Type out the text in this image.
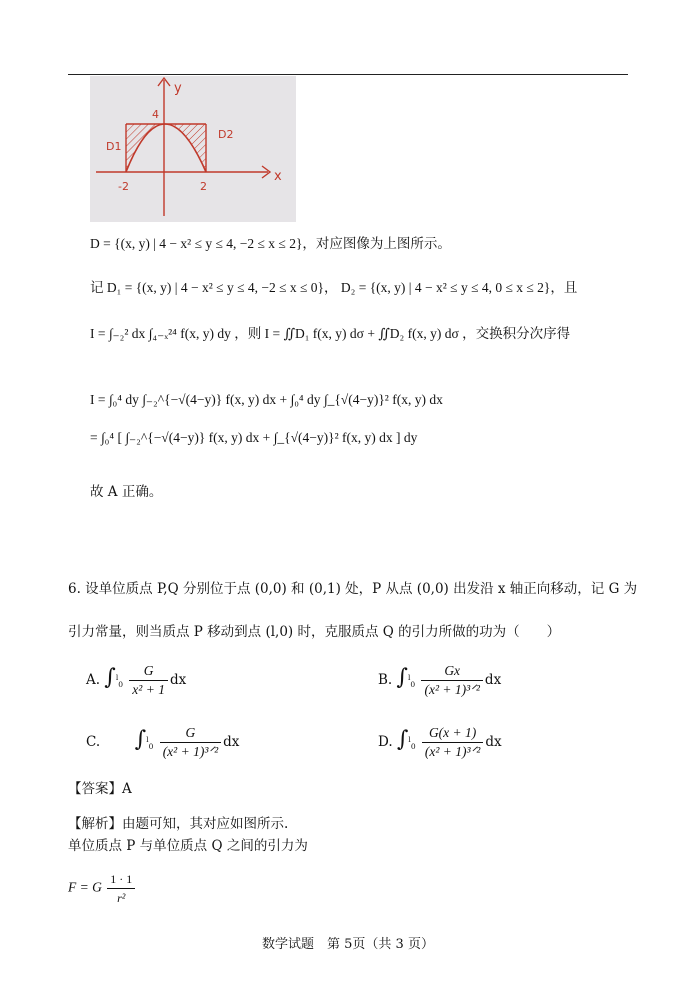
y
x
4
D1
D2
-2	2
D = {(x, y) | 4 − x² ≤ y ≤ 4, −2 ≤ x ≤ 2}，对应图像为上图所示。
记 D₁ = {(x, y) | 4 − x² ≤ y ≤ 4, −2 ≤ x ≤ 0}， D₂ = {(x, y) | 4 − x² ≤ y ≤ 4, 0 ≤ x ≤ 2}，且
I = ∫₋₂² dx ∫₄₋ₓ²⁴ f(x, y) dy ，则 I = ∬D₁ f(x, y) dσ + ∬D₂ f(x, y) dσ ，交换积分次序得
I = ∫₀⁴ dy ∫₋₂^{−√(4−y)} f(x, y) dx + ∫₀⁴ dy ∫_{√(4−y)}² f(x, y) dx
= ∫₀⁴ [ ∫₋₂^{−√(4−y)} f(x, y) dx + ∫_{√(4−y)}² f(x, y) dx ] dy
故 A 正确。
6. 设单位质点 P,Q 分别位于点 (0,0) 和 (0,1) 处，P 从点 (0,0) 出发沿 x 轴正向移动，记 G 为
引力常量，则当质点 P 移动到点 (l,0) 时，克服质点 Q 的引力所做的功为（　　）
A. $\int^l_0 \frac{G}{\text{x² + 1}}$ dx	B. $\int^l_0 \frac{Gx}{\text{(x² + 1)³ᐟ²}}$ dx
C. $\int^l_0 \frac{G}{\text{(x² + 1)³ᐟ²}}$ dx	D. $\int^l_0 \frac{G(x + 1)}{\text{(x² + 1)³ᐟ²}}$ dx
【答案】A
【解析】由题可知，其对应如图所示.
单位质点 P 与单位质点 Q 之间的引力为
F = G $\frac{1 \cdot 1}{\text{r²}}$
数学试题　第 5页（共 3 页）
